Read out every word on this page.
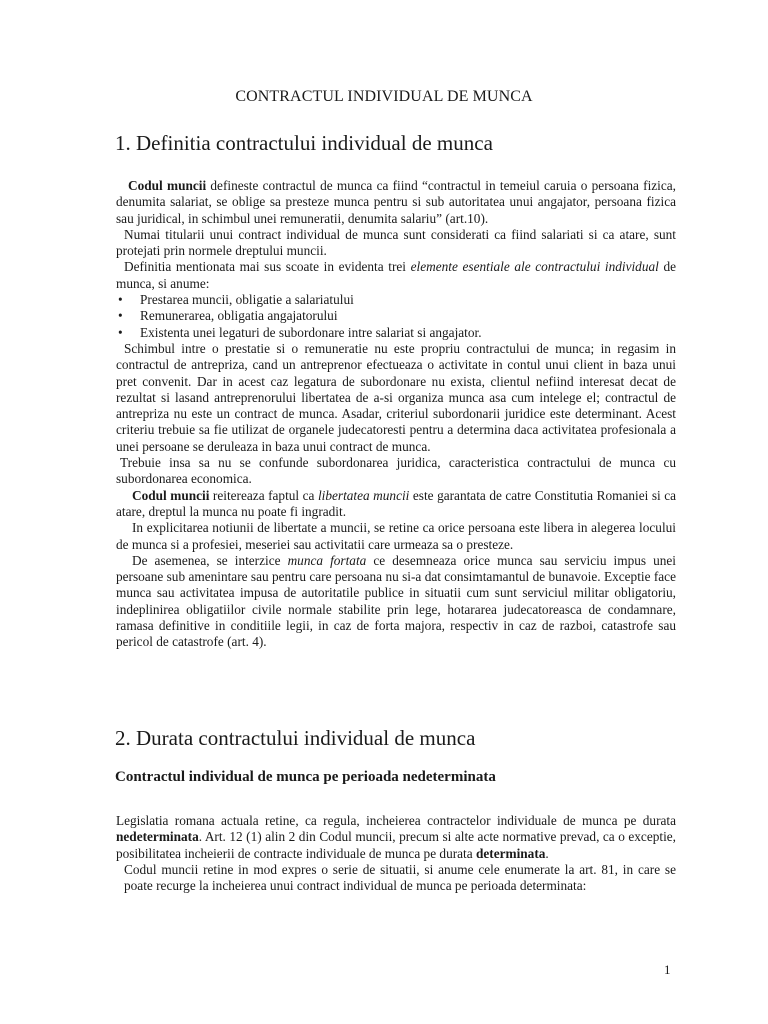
CONTRACTUL INDIVIDUAL DE MUNCA
1. Definitia contractului individual de munca

Codul muncii defineste contractul de munca ca fiind “contractul in temeiul caruia o persoana fizica, denumita salariat, se oblige sa presteze munca pentru si sub autoritatea unui angajator, persoana fizica sau juridical, in schimbul unei remuneratii, denumita salariu” (art.10).

Numai titularii unui contract individual de munca sunt considerati ca fiind salariati si ca atare, sunt protejati prin normele dreptului muncii.

Definitia mentionata mai sus scoate in evidenta trei elemente esentiale ale contractului individual de munca, si anume:

• Prestarea muncii, obligatie a salariatului
• Remunerarea, obligatia angajatorului
• Existenta unei legaturi de subordonare intre salariat si angajator.

Schimbul intre o prestatie si o remuneratie nu este propriu contractului de munca; in regasim in contractul de antrepriza, cand un antreprenor efectueaza o activitate in contul unui client in baza unui pret convenit. Dar in acest caz legatura de subordonare nu exista, clientul nefiind interesat decat de rezultat si lasand antreprenorului libertatea de a-si organiza munca asa cum intelege el; contractul de antrepriza nu este un contract de munca. Asadar, criteriul subordonarii juridice este determinant. Acest criteriu trebuie sa fie utilizat de organele judecatoresti pentru a determina daca activitatea profesionala a unei persoane se deruleaza in baza unui contract de munca.

Trebuie insa sa nu se confunde subordonarea juridica, caracteristica contractului de munca cu subordonarea economica.

Codul muncii reitereaza faptul ca libertatea muncii este garantata de catre Constitutia Romaniei si ca atare, dreptul la munca nu poate fi ingradit.

In explicitarea notiunii de libertate a muncii, se retine ca orice persoana este libera in alegerea locului de munca si a profesiei, meseriei sau activitatii care urmeaza sa o presteze.

De asemenea, se interzice munca fortata ce desemneaza orice munca sau serviciu impus unei persoane sub amenintare sau pentru care persoana nu si-a dat consimtamantul de bunavoie. Exceptie face munca sau activitatea impusa de autoritatile publice in situatii cum sunt serviciul militar obligatoriu, indeplinirea obligatiilor civile normale stabilite prin lege, hotararea judecatoreasca de condamnare, ramasa definitive in conditiile legii, in caz de forta majora, respectiv in caz de razboi, catastrofe sau pericol de catastrofe (art. 4).

2. Durata contractului individual de munca
Contractul individual de munca pe perioada nedeterminata

Legislatia romana actuala retine, ca regula, incheierea contractelor individuale de munca pe durata nedeterminata. Art. 12 (1) alin 2 din Codul muncii, precum si alte acte normative prevad, ca o exceptie, posibilitatea incheierii de contracte individuale de munca pe durata determinata.

Codul muncii retine in mod expres o serie de situatii, si anume cele enumerate la art. 81, in care se poate recurge la incheierea unui contract individual de munca pe perioada determinata:

1
